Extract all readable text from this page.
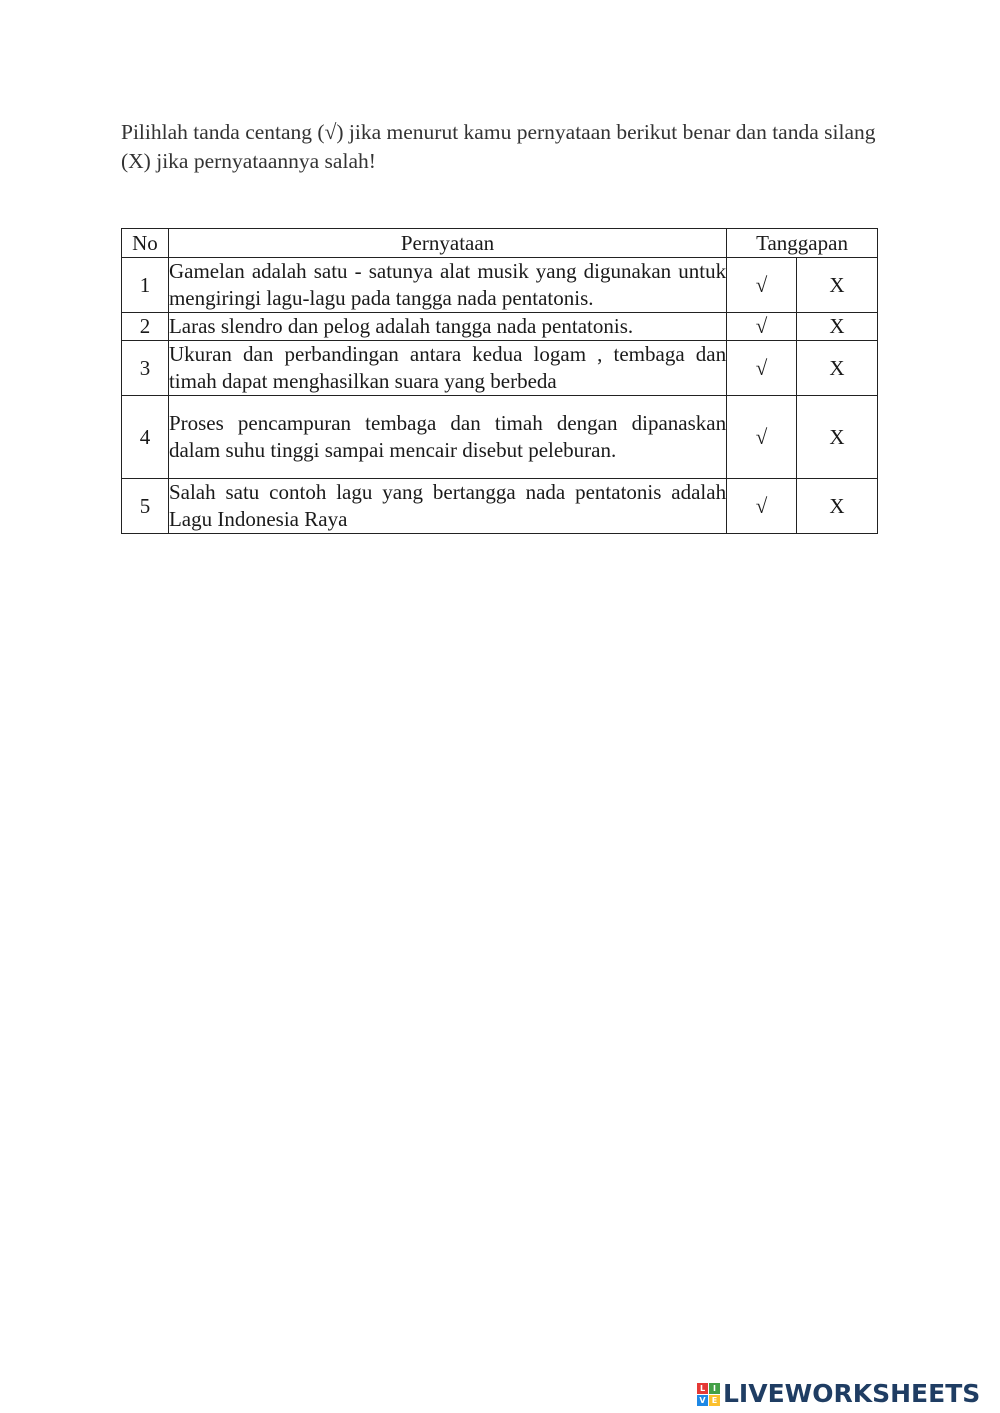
Pilihlah tanda centang (√) jika menurut kamu pernyataan berikut benar dan tanda silang (X) jika pernyataannya salah!

No	Pernyataan	Tanggapan	
1	Gamelan adalah satu - satunya alat musik yang digunakan untuk mengiringi lagu-lagu pada tangga nada pentatonis.	√	X
2	Laras slendro dan pelog adalah tangga nada pentatonis.	√	X
3	Ukuran dan perbandingan antara kedua logam , tembaga dan timah dapat menghasilkan suara yang berbeda	√	X
4	Proses pencampuran tembaga dan timah dengan dipanaskan dalam suhu tinggi sampai mencair disebut peleburan.	√	X
5	Salah satu contoh lagu yang bertangga nada pentatonis adalah Lagu Indonesia Raya	√	X
L I
V E LIVEWORKSHEETS
